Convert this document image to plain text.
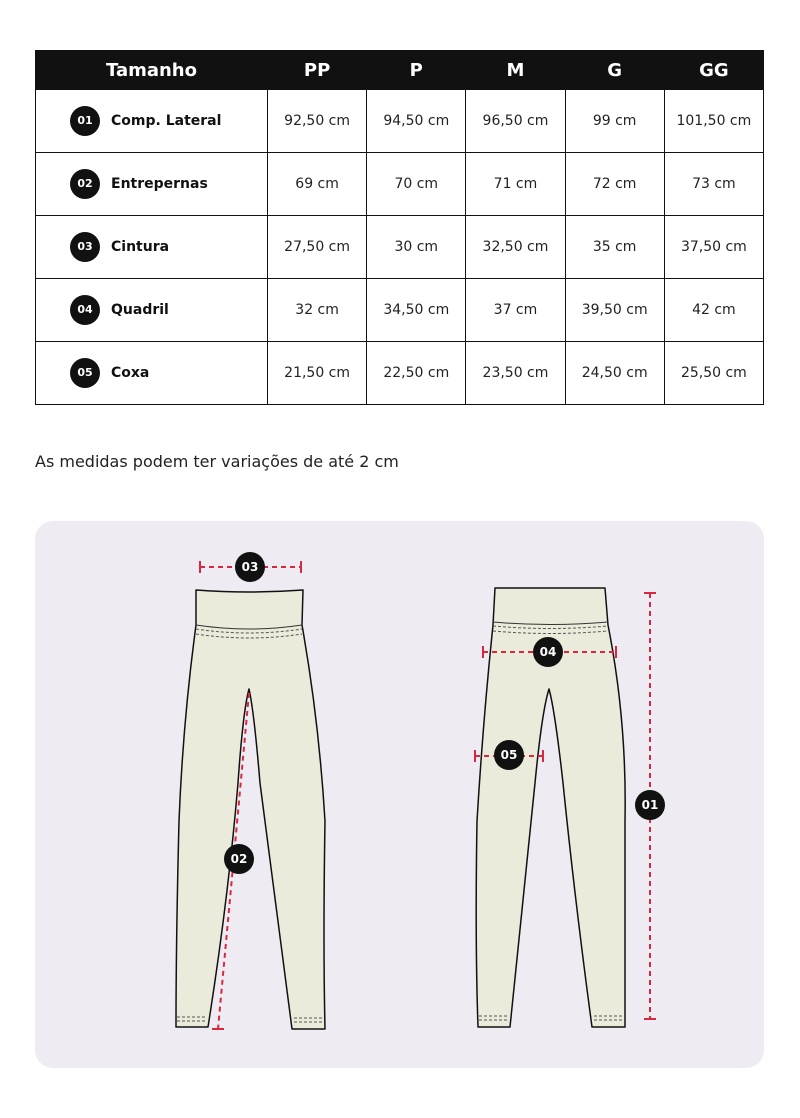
Tamanho	PP	P	M	G	GG
01 Comp. Lateral	92,50 cm	94,50 cm	96,50 cm	99 cm	101,50 cm
02 Entrepernas	69 cm	70 cm	71 cm	72 cm	73 cm
03 Cintura	27,50 cm	30 cm	32,50 cm	35 cm	37,50 cm
04 Quadril	32 cm	34,50 cm	37 cm	39,50 cm	42 cm
05 Coxa	21,50 cm	22,50 cm	23,50 cm	24,50 cm	25,50 cm
As medidas podem ter variações de até 2 cm
03
02
04
05
01
